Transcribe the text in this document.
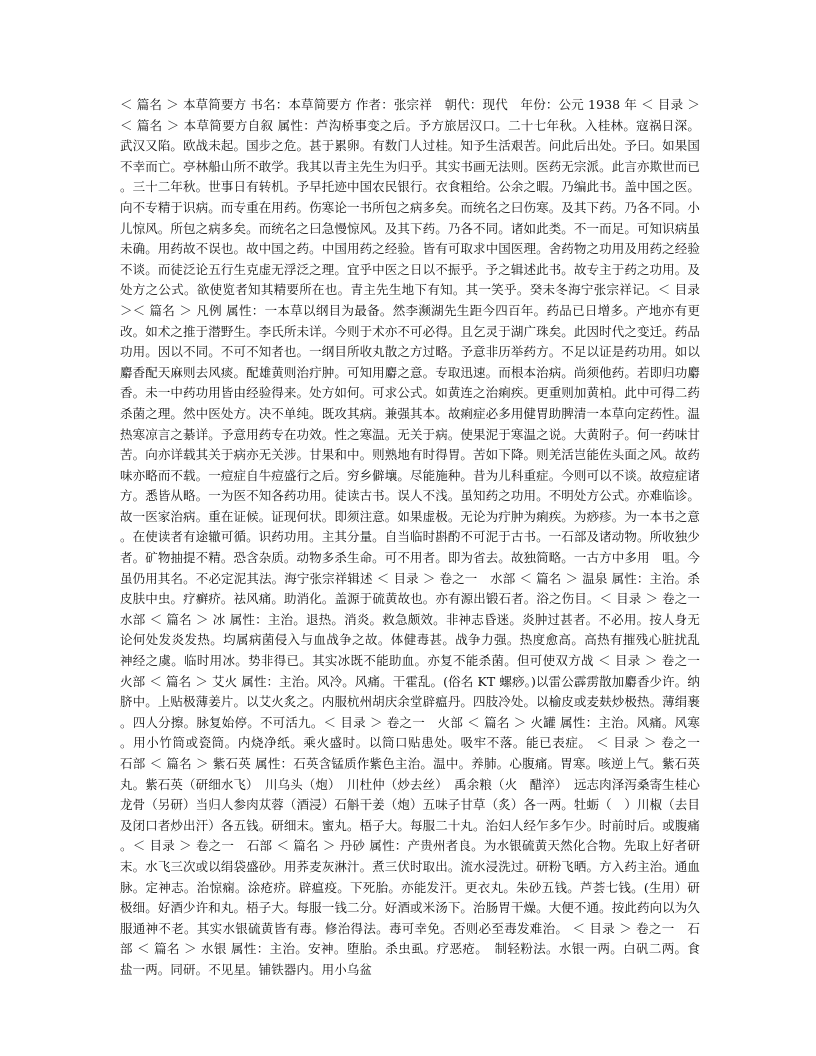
＜ 篇名 ＞ 本草简要方 书名：本草简要方 作者：张宗祥　朝代：现代　年份：公元 1938 年 ＜ 目录 ＞＜ 篇名 ＞ 本草简要方自叙 属性：芦沟桥事变之后。予方旅居汉口。二十七年秋。入桂林。寇祸日深。武汉又陷。欧战未起。国步之危。甚于累卵。有数门人过桂。知予生活艰苦。问此后出处。予曰。如果国不幸而亡。亭林船山所不敢学。我其以青主先生为归乎。其实书画无法则。医药无宗派。此言亦欺世而已。三十二年秋。世事日有转机。予早托迹中国农民银行。衣食粗给。公余之暇。乃编此书。盖中国之医。向不专精于识病。而专重在用药。伤寒论一书所包之病多矣。而统名之曰伤寒。及其下药。乃各不同。小儿惊风。所包之病多矣。而统名之曰急慢惊风。及其下药。乃各不同。诸如此类。不一而足。可知识病虽未确。用药故不误也。故中国之药。中国用药之经验。皆有可取求中国医理。舍药物之功用及用药之经验不谈。而徒泛论五行生克虚无浮泛之理。宜乎中医之日以不振乎。予之辑述此书。故专主于药之功用。及处方之公式。欲使览者知其精要所在也。青主先生地下有知。其一笑乎。癸未冬海宁张宗祥记。＜ 目录 ＞＜ 篇名 ＞ 凡例 属性：一本草以纲目为最备。然李濒湖先生距今四百年。药品已日增多。产地亦有更改。如术之推于潜野生。李氏所未详。今则于术亦不可必得。且乞灵于湖广珠矣。此因时代之变迁。药品功用。因以不同。不可不知者也。一纲目所收丸散之方过略。予意非历举药方。不足以证是药功用。如以麝香配天麻则去风痰。配雄黄则治疔肿。可知用麝之意。专取迅速。而根本治病。尚须他药。若即归功麝香。未一中药功用皆由经验得来。处方如何。可求公式。如黄连之治痢疾。更重则加黄柏。此中可得二药杀菌之理。然中医处方。决不单纯。既攻其病。兼强其本。故痢症必多用健胃助脾清一本草向定药性。温热寒凉言之綦详。予意用药专在功效。性之寒温。无关于病。使果泥于寒温之说。大黄附子。何一药味甘苦。向亦详载其关于病亦无关涉。甘果和中。则熟地有时得胃。苦如下降。则羌活岂能佐头面之风。故药味亦略而不载。一痘症自牛痘盛行之后。穷乡僻壤。尽能施种。昔为儿科重症。今则可以不谈。故痘症诸方。悉皆从略。一为医不知各药功用。徒读古书。误人不浅。虽知药之功用。不明处方公式。亦难临诊。故一医家治病。重在证候。证现何状。即须注意。如果虚极。无论为疔肿为痢疾。为痧疹。为一本书之意。在使读者有途辙可循。识药功用。主其分量。自当临时斟酌不可泥于古书。一石部及诸动物。所收独少者。矿物抽提不精。恐含杂质。动物多杀生命。可不用者。即为省去。故独简略。一古方中多用　咀。今虽仍用其名。不必定泥其法。海宁张宗祥辑述 ＜ 目录 ＞ 卷之一　水部 ＜ 篇名 ＞ 温泉 属性：主治。杀皮肤中虫。疗癣疥。祛风痛。助消化。盖源于硫黄故也。亦有源出锻石者。浴之伤目。＜ 目录 ＞ 卷之一　水部 ＜ 篇名 ＞ 冰 属性：主治。退热。消炎。救急颇效。非神志昏迷。炎肿过甚者。不必用。按人身无论何处发炎发热。均属病菌侵入与血战争之故。体健毒甚。战争力强。热度愈高。高热有摧残心脏扰乱 神经之虞。临时用冰。势非得已。其实冰既不能助血。亦复不能杀菌。但可使双方战 ＜ 目录 ＞ 卷之一　火部 ＜ 篇名 ＞ 艾火 属性：主治。风冷。风痛。干霍乱。(俗名 KT 螺痧。)以雷公霹雳散加麝香少许。纳脐中。上贴极薄姜片。以艾火炙之。内服杭州胡庆余堂辟瘟丹。四肢冷处。以榆皮或麦麸炒极热。薄绢裹。四人分擦。脉复始停。不可活九。＜ 目录 ＞ 卷之一　火部 ＜ 篇名 ＞ 火罐 属性：主治。风痛。风寒。用小竹筒或瓷筒。内烧净纸。乘火盛时。以筒口贴患处。吸牢不落。能已表症。 ＜ 目录 ＞ 卷之一　石部 ＜ 篇名 ＞ 紫石英 属性：石英含锰质作紫色主治。温中。养肺。心腹痛。胃寒。咳逆上气。紫石英丸。紫石英（研细水飞）　川乌头（炮）　川杜仲（炒去丝）　禹余粮（火　醋淬）　远志肉泽泻桑寄生桂心龙骨（另研）当归人参肉苁蓉（酒浸）石斛干姜（炮）五味子甘草（炙）各一两。牡蛎（　）川椒（去目及闭口者炒出汗）各五钱。研细末。蜜丸。梧子大。每服二十丸。治妇人经乍多乍少。时前时后。或腹痛。＜ 目录 ＞ 卷之一　石部 ＜ 篇名 ＞ 丹砂 属性：产贵州者良。为水银硫黄天然化合物。先取上好者研末。水飞三次或以绢袋盛砂。用荞麦灰淋汁。煮三伏时取出。流水浸洗过。研粉飞晒。方入药主治。通血脉。定神志。治惊痫。涂疮疥。辟瘟疫。下死胎。亦能发汗。更衣丸。朱砂五钱。芦荟七钱。(生用）研极细。好酒少许和丸。梧子大。每服一钱二分。好酒或米汤下。治肠胃干燥。大便不通。按此药向以为久服通神不老。其实水银硫黄皆有毒。修治得法。毒可幸免。否则必至毒发难治。 ＜ 目录 ＞ 卷之一　石部 ＜ 篇名 ＞ 水银 属性：主治。安神。堕胎。杀虫虱。疗恶疮。　制轻粉法。水银一两。白矾二两。食盐一两。同研。不见星。铺铁器内。用小乌盆
